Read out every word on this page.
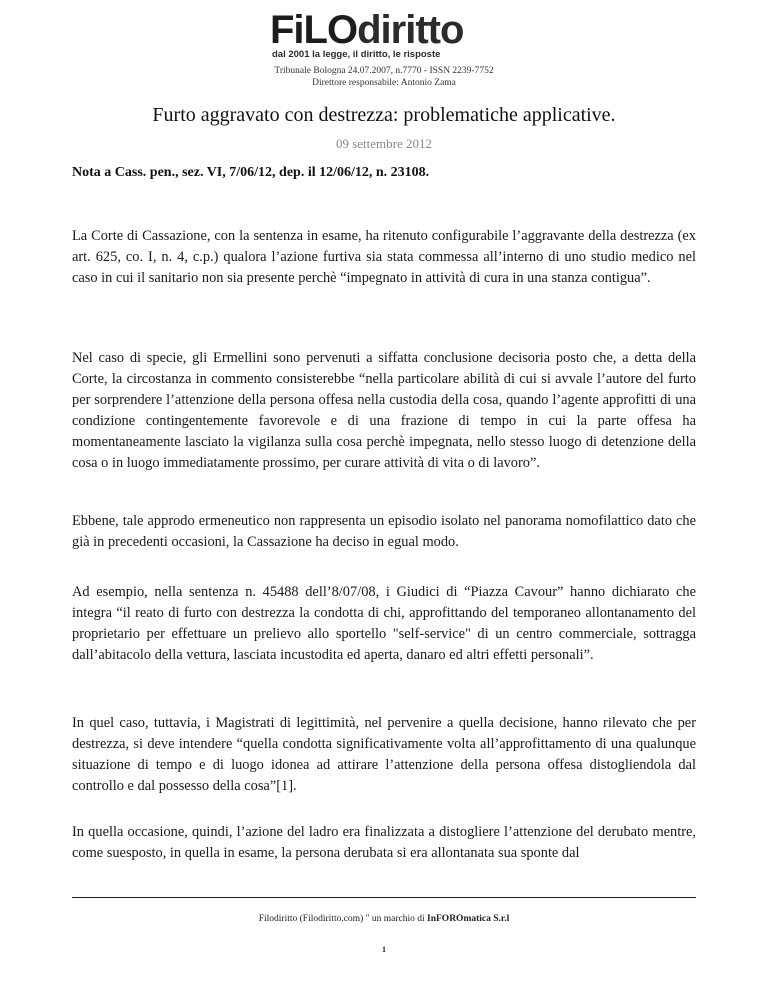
FiLOdiritto
dal 2001 la legge, il diritto, le risposte
Tribunale Bologna 24.07.2007, n.7770 - ISSN 2239-7752
Direttore responsabile: Antonio Zama
Furto aggravato con destrezza: problematiche applicative.
09 settembre 2012
Nota a Cass. pen., sez. VI, 7/06/12, dep. il 12/06/12, n. 23108.
La Corte di Cassazione, con la sentenza in esame, ha ritenuto configurabile l’aggravante della destrezza (ex art. 625, co. I, n. 4, c.p.) qualora l’azione furtiva sia stata commessa all’interno di uno studio medico nel caso in cui il sanitario non sia presente perchè “impegnato in attività di cura in una stanza contigua”.
Nel caso di specie, gli Ermellini sono pervenuti a siffatta conclusione decisoria posto che, a detta della Corte, la circostanza in commento consisterebbe “nella particolare abilità di cui si avvale l’autore del furto per sorprendere l’attenzione della persona offesa nella custodia della cosa, quando l’agente approfitti di una condizione contingentemente favorevole e di una frazione di tempo in cui la parte offesa ha momentaneamente lasciato la vigilanza sulla cosa perchè impegnata, nello stesso luogo di detenzione della cosa o in luogo immediatamente prossimo, per curare attività di vita o di lavoro”.
Ebbene, tale approdo ermeneutico non rappresenta un episodio isolato nel panorama nomofilattico dato che già in precedenti occasioni, la Cassazione ha deciso in egual modo.
Ad esempio, nella sentenza n. 45488 dell’8/07/08, i Giudici di “Piazza Cavour” hanno dichiarato che integra “il reato di furto con destrezza la condotta di chi, approfittando del temporaneo allontanamento del proprietario per effettuare un prelievo allo sportello "self-service" di un centro commerciale, sottragga dall’abitacolo della vettura, lasciata incustodita ed aperta, danaro ed altri effetti personali”.
In quel caso, tuttavia, i Magistrati di legittimità, nel pervenire a quella decisione, hanno rilevato che per destrezza, si deve intendere “quella condotta significativamente volta all’approfittamento di una qualunque situazione di tempo e di luogo idonea ad attirare l’attenzione della persona offesa distogliendola dal controllo e dal possesso della cosa”[1].
In quella occasione, quindi, l’azione del ladro era finalizzata a distogliere l’attenzione del derubato mentre, come suesposto, in quella in esame, la persona derubata si era allontanata sua sponte dal
Filodiritto (Filodiritto.com) " un marchio di InFOROmatica S.r.l
1
